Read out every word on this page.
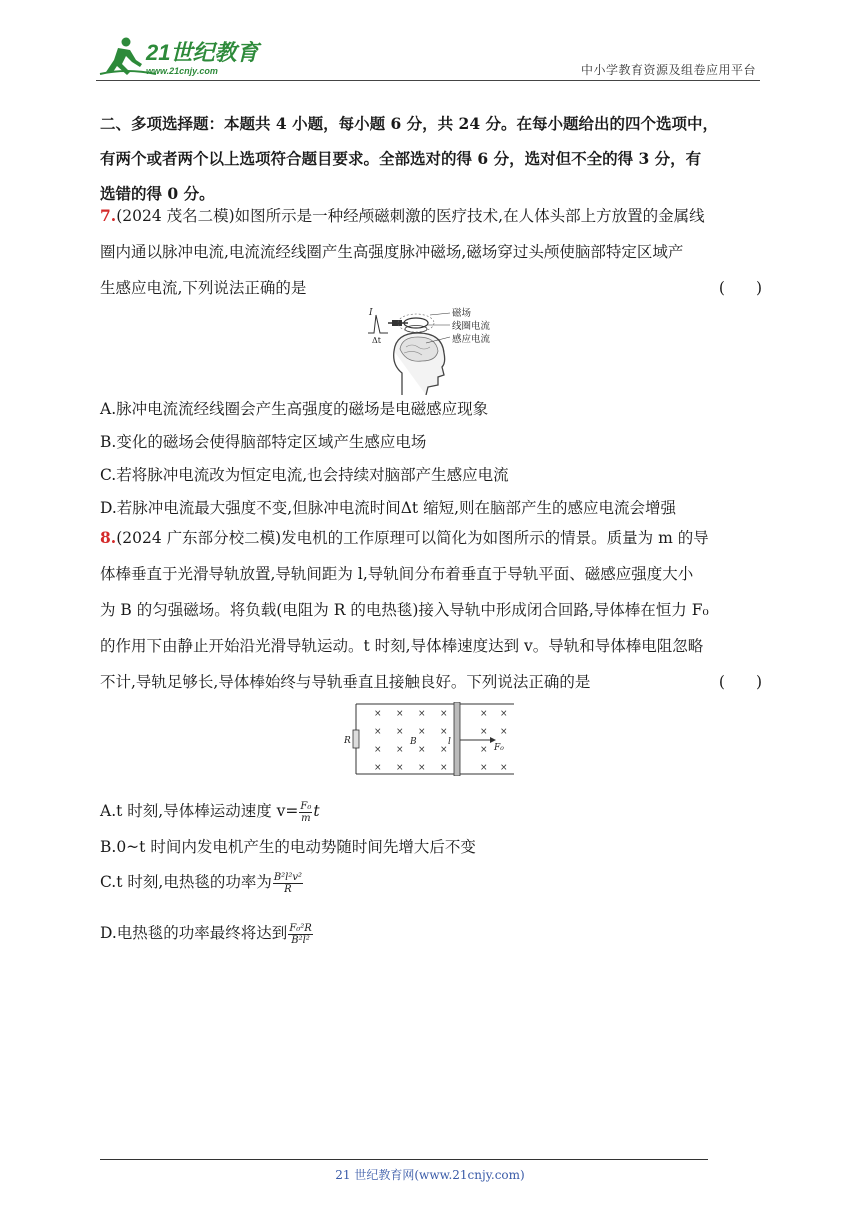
21世纪教育
www.21cnjy.com	中小学教育资源及组卷应用平台
二、多项选择题：本题共 4 小题，每小题 6 分，共 24 分。在每小题给出的四个选项中，
有两个或者两个以上选项符合题目要求。全部选对的得 6 分，选对但不全的得 3 分，有
选错的得 0 分。
7.(2024 茂名二模)如图所示是一种经颅磁刺激的医疗技术,在人体头部上方放置的金属线
圈内通以脉冲电流,电流流经线圈产生高强度脉冲磁场,磁场穿过头颅使脑部特定区域产
生感应电流,下列说法正确的是	(　　)
I
Δt
磁场
线圈电流
感应电流
A.脉冲电流流经线圈会产生高强度的磁场是电磁感应现象
B.变化的磁场会使得脑部特定区域产生感应电场
C.若将脉冲电流改为恒定电流,也会持续对脑部产生感应电流
D.若脉冲电流最大强度不变,但脉冲电流时间Δt 缩短,则在脑部产生的感应电流会增强
8.(2024 广东部分校二模)发电机的工作原理可以简化为如图所示的情景。质量为 m 的导
体棒垂直于光滑导轨放置,导轨间距为 l,导轨间分布着垂直于导轨平面、磁感应强度大小
为 B 的匀强磁场。将负载(电阻为 R 的电热毯)接入导轨中形成闭合回路,导体棒在恒力 F₀
的作用下由静止开始沿光滑导轨运动。t 时刻,导体棒速度达到 v。导轨和导体棒电阻忽略
不计,导轨足够长,导体棒始终与导轨垂直且接触良好。下列说法正确的是	(　　)
R
× × × ×	× ×
× × × ×	× ×
× × × ×	×
× × × ×	× ×
B	l
F₀
A.t 时刻,导体棒运动速度 $v= \frac{\text{F₀}}{m}$ t
B.0~t 时间内发电机产生的电动势随时间先增大后不变
C.t 时刻,电热毯的功率为 $\frac{\text{B²l²v²}}{R}$
D.电热毯的功率最终将达到 $\frac{\text{F₀²R}}{\text{B²l²}}$
21 世纪教育网(www.21cnjy.com)
